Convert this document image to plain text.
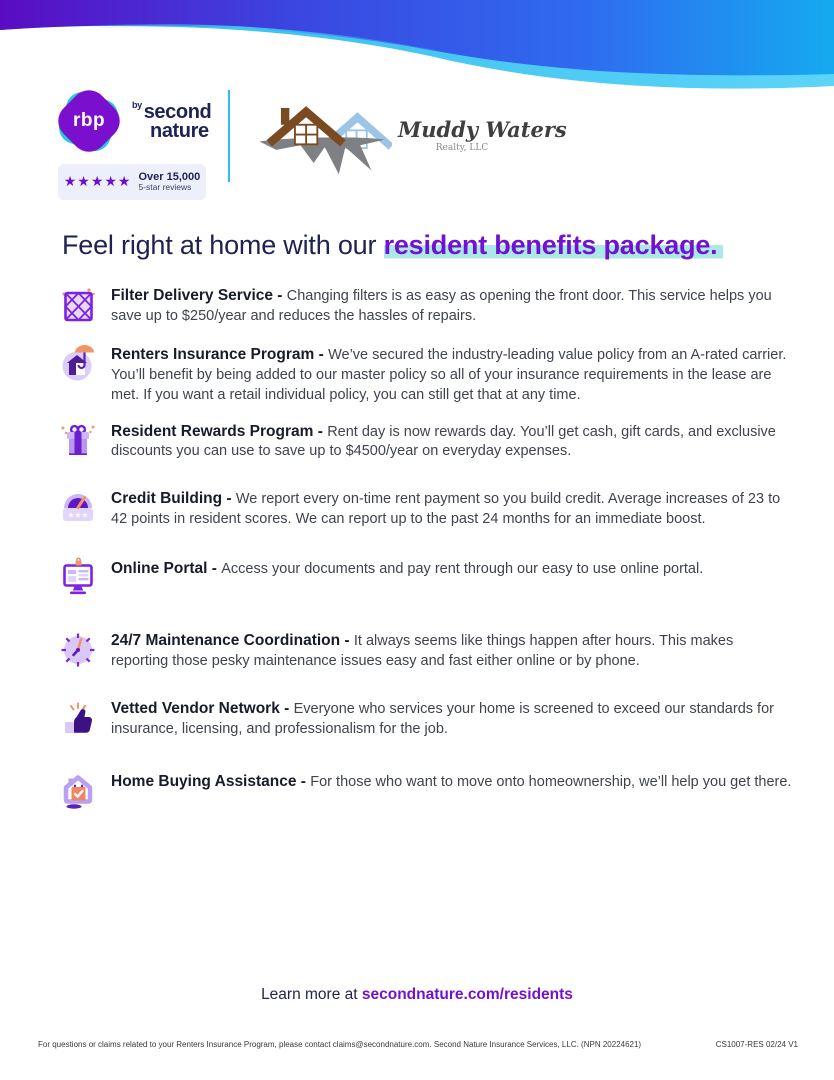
rbp
$^{by}$ second
nature
★★★★★ Over 15,000
5-star reviews
Muddy Waters
Realty, LLC
Feel right at home with our resident benefits package.

Filter Delivery Service - Changing filters is as easy as opening the front door. This service helps you save up to $250/year and reduces the hassles of repairs.

Renters Insurance Program - We’ve secured the industry-leading value policy from an A-rated carrier. You’ll benefit by being added to our master policy so all of your insurance requirements in the lease are met. If you want a retail individual policy, you can still get that at any time.

Resident Rewards Program - Rent day is now rewards day. You’ll get cash, gift cards, and exclusive discounts you can use to save up to $4500/year on everyday expenses.

★ ★ ★

Credit Building - We report every on-time rent payment so you build credit. Average increases of 23 to 42 points in resident scores. We can report up to the past 24 months for an immediate boost.

Online Portal - Access your documents and pay rent through our easy to use online portal.

24/7 Maintenance Coordination - It always seems like things happen after hours. This makes reporting those pesky maintenance issues easy and fast either online or by phone.

Vetted Vendor Network - Everyone who services your home is screened to exceed our standards for insurance, licensing, and professionalism for the job.

Home Buying Assistance - For those who want to move onto homeownership, we’ll help you get there.

Learn more at secondnature.com/residents
For questions or claims related to your Renters Insurance Program, please contact claims@secondnature.com. Second Nature Insurance Services, LLC. (NPN 20224621)	CS1007-RES 02/24 V1
